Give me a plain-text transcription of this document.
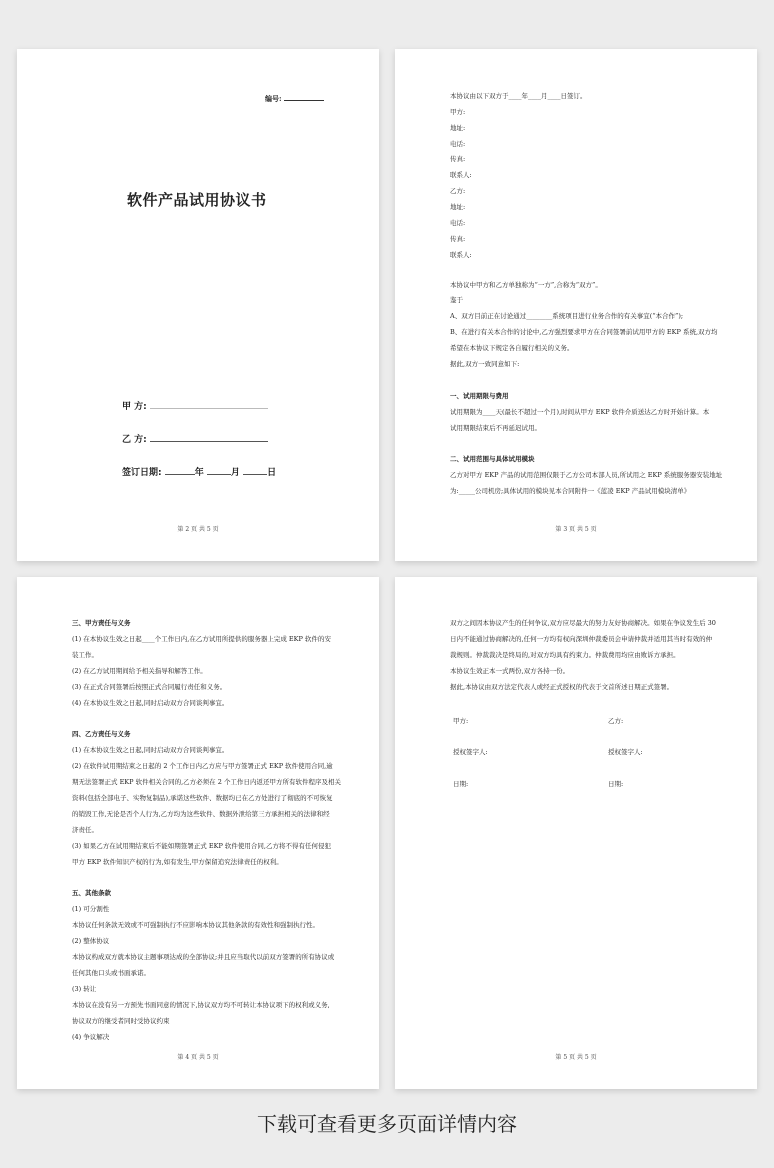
编号:
软件产品试用协议书
甲 方:
乙 方:
签订日期:	年	月	日
第 2 页 共 5 页
本协议由以下双方于____年____月____日签订。
甲方:
地址:
电话:
传真:
联系人:
乙方:
地址:
电话:
传真:
联系人:
本协议中甲方和乙方单独称为“一方”,合称为“双方”。
鉴于
A、双方目前正在讨论通过________系统项目进行业务合作的有关事宜(“本合作”);
B、在进行有关本合作的讨论中,乙方强烈要求甲方在合同签署前试用甲方的 EKP 系统,双方均
希望在本协议下规定各自履行相关的义务。
据此,双方一致同意如下:
一、试用期限与费用
试用期限为____天(最长不超过一个月),时间从甲方 EKP 软件介质送达乙方时开始计算。本
试用期限结束后不再延迟试用。
二、试用范围与具体试用模块
乙方对甲方 EKP 产品的试用范围仅限于乙方公司本部人员,所试用之 EKP 系统服务器安装地址
为:_____公司机房;具体试用的模块见本合同附件一《蓝凌 EKP 产品试用模块清单》
第 3 页 共 5 页
三、甲方责任与义务
(1) 在本协议生效之日起____个工作日内,在乙方试用所提供的服务器上完成 EKP 软件的安
装工作。
(2) 在乙方试用期间给予相关指导和解答工作。
(3) 在正式合同签署后按照正式合同履行责任和义务。
(4) 在本协议生效之日起,同时启动双方合同谈判事宜。
四、乙方责任与义务
(1) 在本协议生效之日起,同时启动双方合同谈判事宜。
(2) 在软件试用期结束之日起的 2 个工作日内乙方应与甲方签署正式 EKP 软件使用合同,逾
期无法签署正式 EKP 软件相关合同的,乙方必须在 2 个工作日内返还甲方所有软件程序及相关
资料(包括全部电子、实物复制品),承诺这些软件、数据均已在乙方处进行了彻底的不可恢复
的销毁工作,无论是否个人行为,乙方均为这些软件、数据外泄给第三方承担相关的法律和经
济责任。
(3) 如果乙方在试用期结束后不能如期签署正式 EKP 软件使用合同,乙方将不得有任何侵犯
甲方 EKP 软件知识产权的行为,如有发生,甲方保留追究法律责任的权利。
五、其他条款
(1) 可分割性
本协议任何条款无效或不可强制执行不应影响本协议其他条款的有效性和强制执行性。
(2) 整体协议
本协议构成双方就本协议主题事项达成的全部协议;并且应当取代以前双方签署的所有协议或
任何其他口头或书面承诺。
(3) 转让
本协议在没有另一方预先书面同意的情况下,协议双方均不可转让本协议项下的权利或义务,
协议双方的继受者同时受协议约束
(4) 争议解决
第 4 页 共 5 页
双方之间因本协议产生的任何争议,双方应尽最大的努力友好协商解决。如果在争议发生后 30
日内不能通过协商解决的,任何一方均有权向深圳仲裁委员会申请仲裁并适用其当时有效的仲
裁规则。仲裁裁决是终局的,对双方均具有约束力。仲裁费用均应由败诉方承担。
本协议生效正本一式两份,双方各持一份。
据此,本协议由双方法定代表人或经正式授权的代表于文首所述日期正式签署。
甲方:	乙方:
授权签字人:	授权签字人:
日期:	日期:
第 5 页 共 5 页
下载可查看更多页面详情内容
